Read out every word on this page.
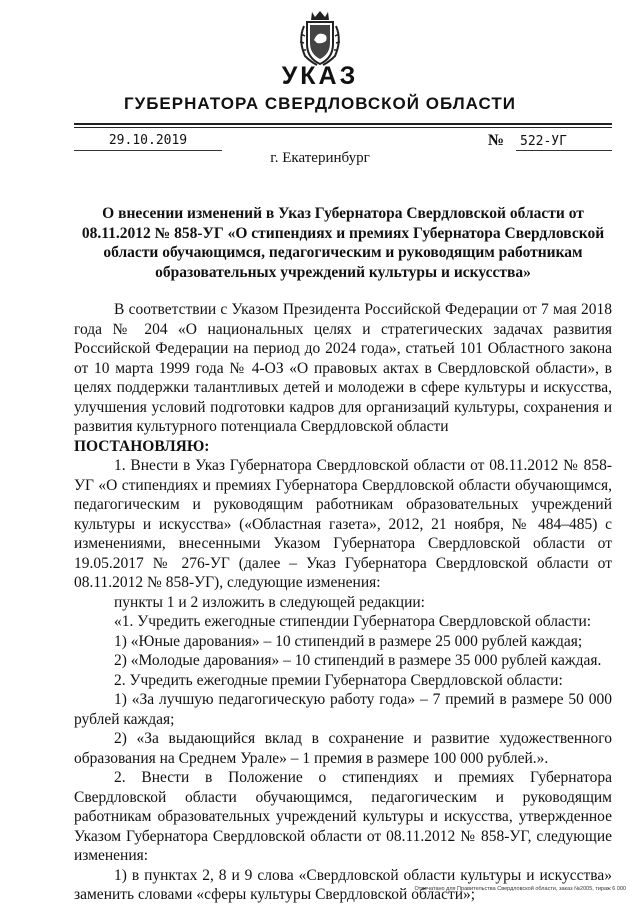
УКАЗ
ГУБЕРНАТОРА СВЕРДЛОВСКОЙ ОБЛАСТИ
29.10.2019	№ 522-УГ
г. Екатеринбург
О внесении изменений в Указ Губернатора Свердловской области от 08.11.2012 № 858-УГ «О стипендиях и премиях Губернатора Свердловской области обучающимся, педагогическим и руководящим работникам образовательных учреждений культуры и искусства»

В соответствии с Указом Президента Российской Федерации от 7 мая 2018 года № 204 «О национальных целях и стратегических задачах развития Российской Федерации на период до 2024 года», статьей 101 Областного закона от 10 марта 1999 года № 4-ОЗ «О правовых актах в Свердловской области», в целях поддержки талантливых детей и молодежи в сфере культуры и искусства, улучшения условий подготовки кадров для организаций культуры, сохранения и развития культурного потенциала Свердловской области

ПОСТАНОВЛЯЮ:

1. Внести в Указ Губернатора Свердловской области от 08.11.2012 № 858-УГ «О стипендиях и премиях Губернатора Свердловской области обучающимся, педагогическим и руководящим работникам образовательных учреждений культуры и искусства» («Областная газета», 2012, 21 ноября, № 484–485) с изменениями, внесенными Указом Губернатора Свердловской области от 19.05.2017 № 276-УГ (далее – Указ Губернатора Свердловской области от 08.11.2012 № 858-УГ), следующие изменения:

пункты 1 и 2 изложить в следующей редакции:

«1. Учредить ежегодные стипендии Губернатора Свердловской области:

1) «Юные дарования» – 10 стипендий в размере 25 000 рублей каждая;

2) «Молодые дарования» – 10 стипендий в размере 35 000 рублей каждая.

2. Учредить ежегодные премии Губернатора Свердловской области:

1) «За лучшую педагогическую работу года» – 7 премий в размере 50 000 рублей каждая;

2) «За выдающийся вклад в сохранение и развитие художественного образования на Среднем Урале» – 1 премия в размере 100 000 рублей.».

2. Внести в Положение о стипендиях и премиях Губернатора Свердловской области обучающимся, педагогическим и руководящим работникам образовательных учреждений культуры и искусства, утвержденное Указом Губернатора Свердловской области от 08.11.2012 № 858-УГ, следующие изменения:

1) в пунктах 2, 8 и 9 слова «Свердловской области культуры и искусства» заменить словами «сферы культуры Свердловской области»;

Отпечатано для Правительства Свердловской области, заказ №2005, тираж 6 000
